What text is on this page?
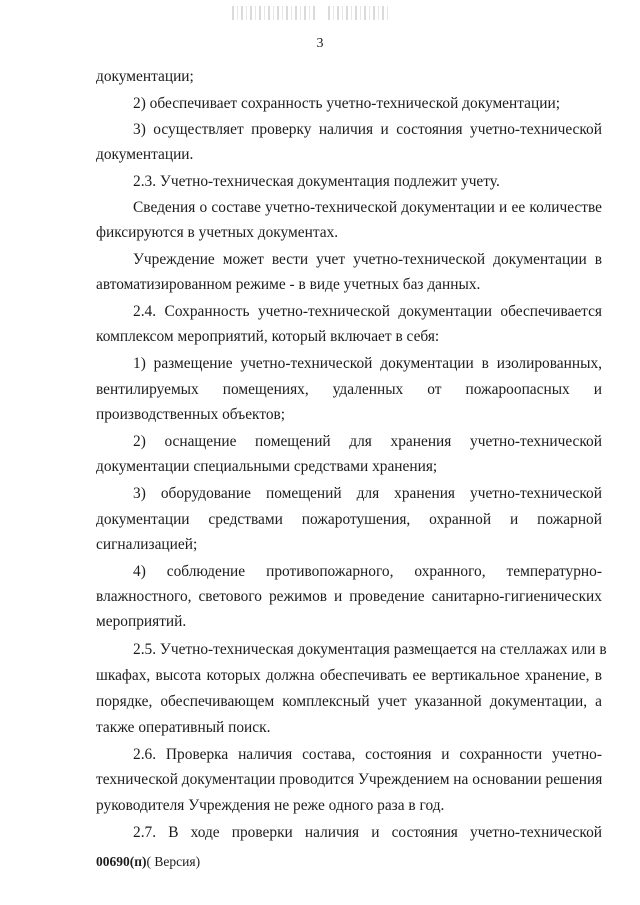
3
документации;
2) обеспечивает сохранность учетно-технической документации;
3) осуществляет проверку наличия и состояния учетно-технической
документации.
2.3. Учетно-техническая документация подлежит учету.
Сведения о составе учетно-технической документации и ее количестве
фиксируются в учетных документах.
Учреждение может вести учет учетно-технической документации в
автоматизированном режиме - в виде учетных баз данных.
2.4. Сохранность учетно-технической документации обеспечивается
комплексом мероприятий, который включает в себя:
1) размещение учетно-технической документации в изолированных,
вентилируемых помещениях, удаленных от пожароопасных и
производственных объектов;
2) оснащение помещений для хранения учетно-технической
документации специальными средствами хранения;
3) оборудование помещений для хранения учетно-технической
документации средствами пожаротушения, охранной и пожарной
сигнализацией;
4) соблюдение противопожарного, охранного, температурно-
влажностного, светового режимов и проведение санитарно-гигиенических
мероприятий.
2.5. Учетно-техническая документация размещается на стеллажах или в
шкафах, высота которых должна обеспечивать ее вертикальное хранение, в
порядке, обеспечивающем комплексный учет указанной документации, а
также оперативный поиск.
2.6. Проверка наличия состава, состояния и сохранности учетно-
технической документации проводится Учреждением на основании решения
руководителя Учреждения не реже одного раза в год.
2.7. В ходе проверки наличия и состояния учетно-технической
00690(п)( Версия)
